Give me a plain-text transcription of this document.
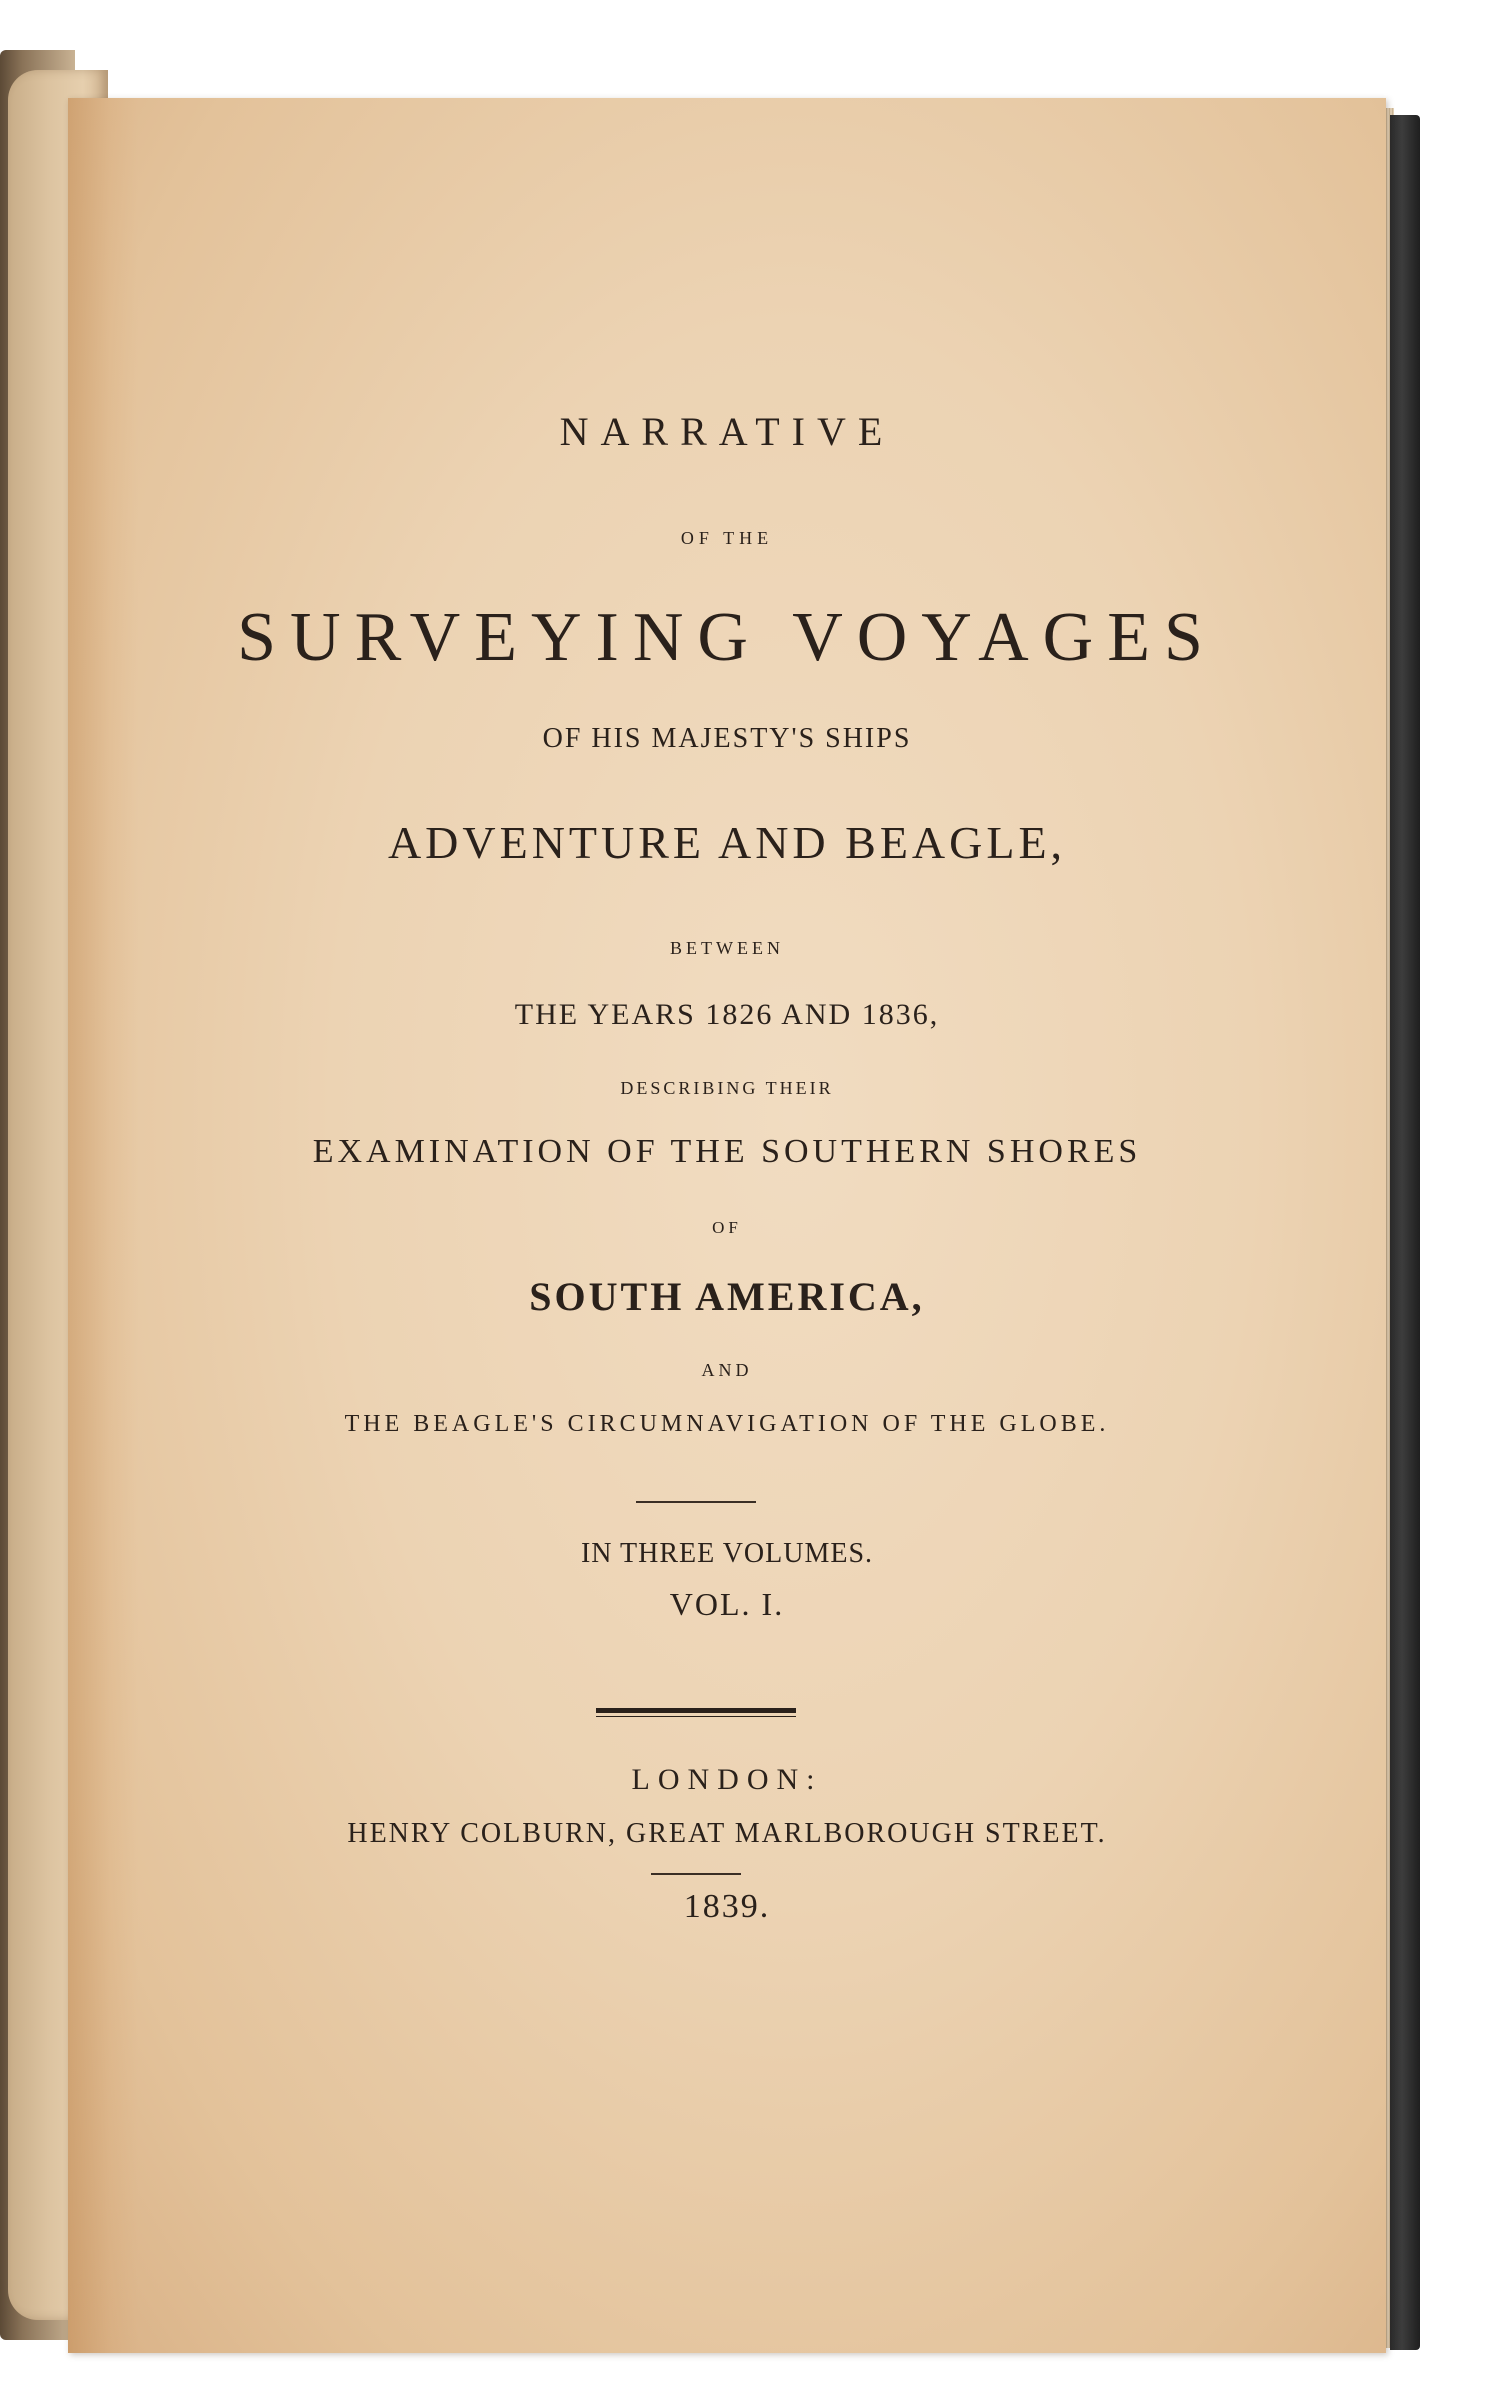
NARRATIVE
OF THE
SURVEYING VOYAGES
OF HIS MAJESTY'S SHIPS
ADVENTURE AND BEAGLE,
BETWEEN
THE YEARS 1826 AND 1836,
DESCRIBING THEIR
EXAMINATION OF THE SOUTHERN SHORES
OF
SOUTH AMERICA,
AND
THE BEAGLE'S CIRCUMNAVIGATION OF THE GLOBE.
IN THREE VOLUMES.
VOL. I.
LONDON:
HENRY COLBURN, GREAT MARLBOROUGH STREET.
1839.
